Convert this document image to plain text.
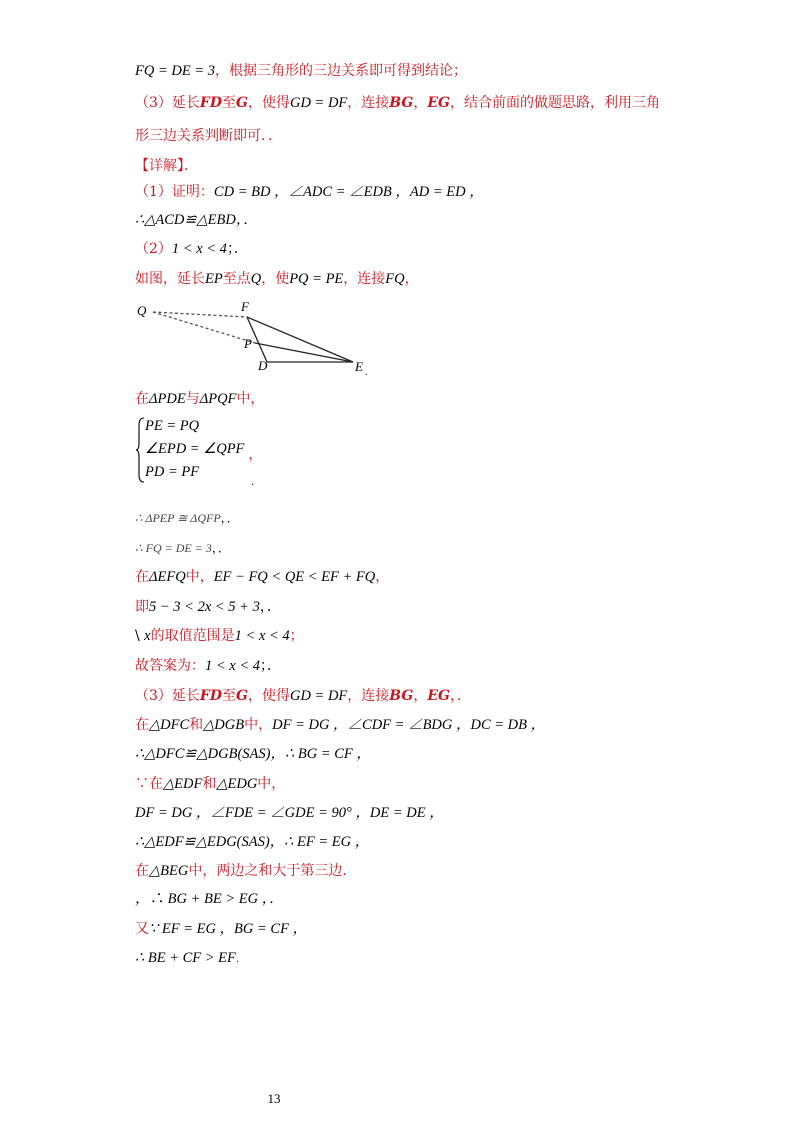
FQ = DE = 3，根据三角形的三边关系即可得到结论；
（3）延长FD至G，使得GD = DF，连接BG，EG，结合前面的做题思路，利用三角
形三边关系判断即可．．
【详解】．
（1）证明：CD = BD ，∠ADC = ∠EDB ，AD = ED ，
∴△ACD≌△EBD，．
（2）1 < x < 4；．
如图，延长EP至点Q，使PQ = PE，连接FQ，
Q	F
P
D	E .
在ΔPDE与ΔPQF中，
PE = PQ
∠EPD = ∠QPF ，
PD = PF
.
∴ ΔPEP ≅ ΔQFP，．
∴ FQ = DE = 3，．
在ΔEFQ中，EF − FQ < QE < EF + FQ，
即5 − 3 < 2x < 5 + 3，．
\ x的取值范围是1 < x < 4；
故答案为：1 < x < 4；．
（3）延长FD至G，使得GD = DF，连接BG，EG，．
在△DFC和△DGB中，DF = DG ，∠CDF = ∠BDG ，DC = DB ，
∴△DFC≌△DGB(SAS)，∴ BG = CF ，
∵在△EDF和△EDG中，
DF = DG ，∠FDE = ∠GDE = 90° ，DE = DE ，
∴△EDF≌△EDG(SAS)，∴ EF = EG ，
在△BEG中，两边之和大于第三边.
，∴ BG + BE > EG ，．
又∵ EF = EG ，BG = CF ，
∴ BE + CF > EF.
13
